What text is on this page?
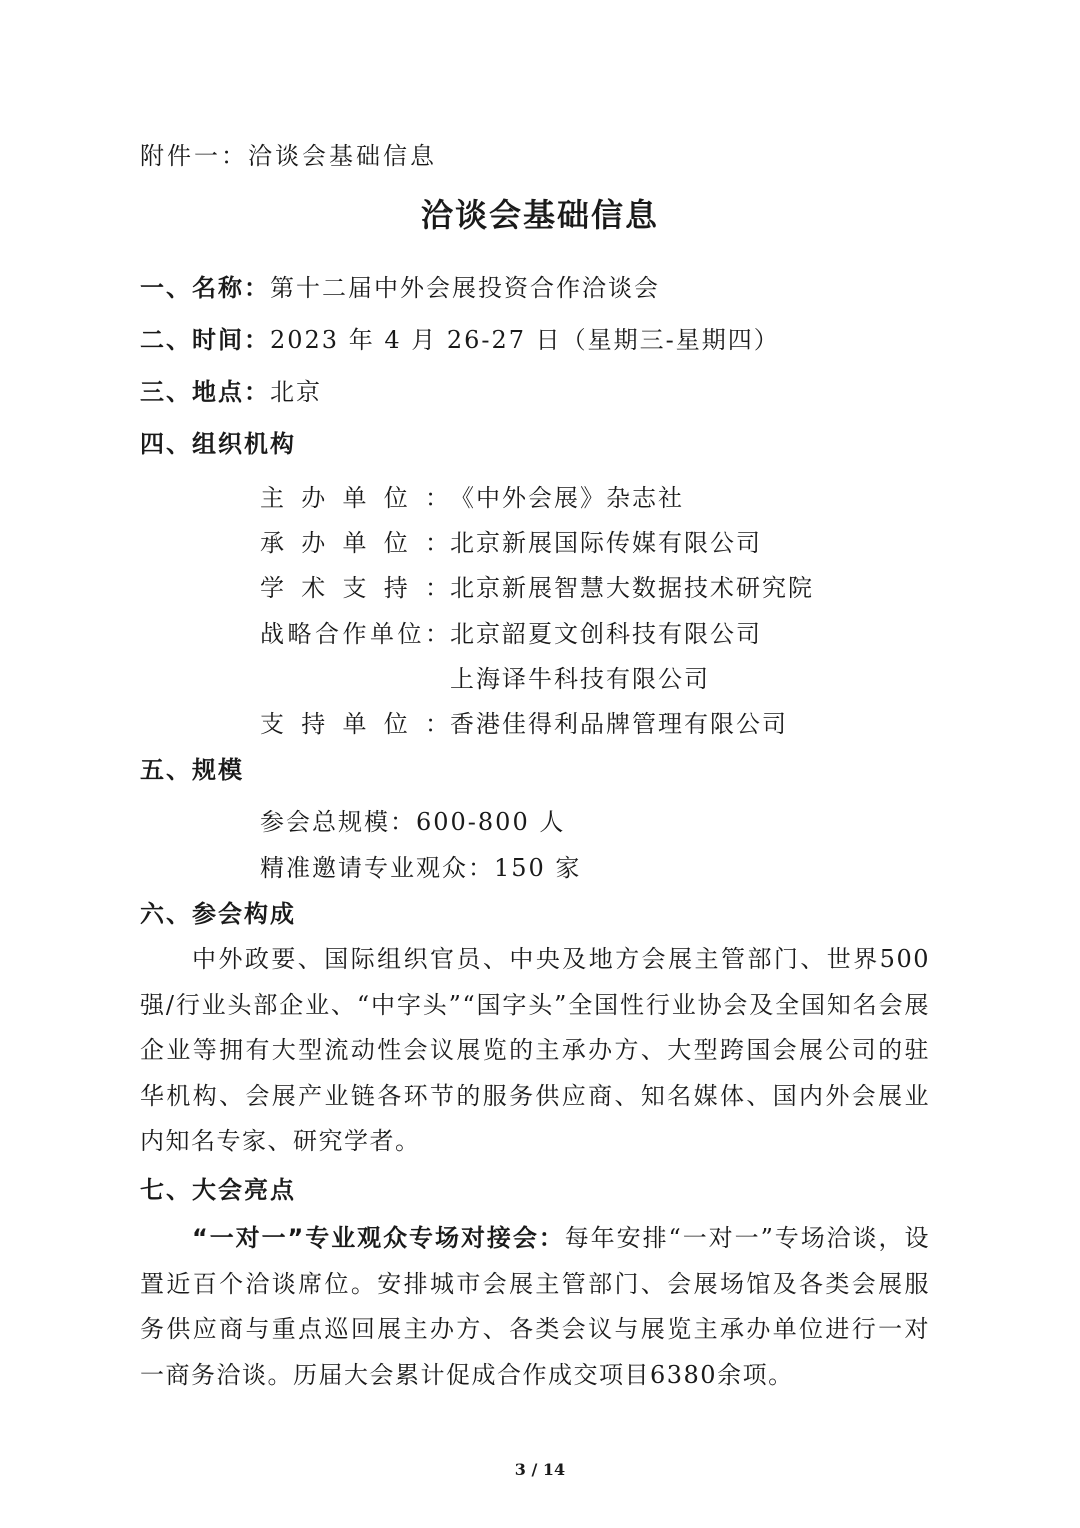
附件一：洽谈会基础信息
洽谈会基础信息
一、名称：第十二届中外会展投资合作洽谈会
二、时间：2023 年 4 月 26-27 日（星期三-星期四）
三、地点：北京
四、组织机构
主办单位： 《中外会展》杂志社
承办单位： 北京新展国际传媒有限公司
学术支持： 北京新展智慧大数据技术研究院
战略合作单位： 北京韶夏文创科技有限公司
上海译牛科技有限公司
支持单位： 香港佳得利品牌管理有限公司
五、规模
参会总规模：600-800 人
精准邀请专业观众：150 家
六、参会构成
中外政要、国际组织官员、中央及地方会展主管部门、世界500强/行业头部企业、“中字头”“国字头”全国性行业协会及全国知名会展企业等拥有大型流动性会议展览的主承办方、大型跨国会展公司的驻华机构、会展产业链各环节的服务供应商、知名媒体、国内外会展业内知名专家、研究学者。
七、大会亮点
“一对一”专业观众专场对接会：每年安排“一对一”专场洽谈，设置近百个洽谈席位。安排城市会展主管部门、会展场馆及各类会展服务供应商与重点巡回展主办方、各类会议与展览主承办单位进行一对一商务洽谈。历届大会累计促成合作成交项目6380余项。
3 / 14
